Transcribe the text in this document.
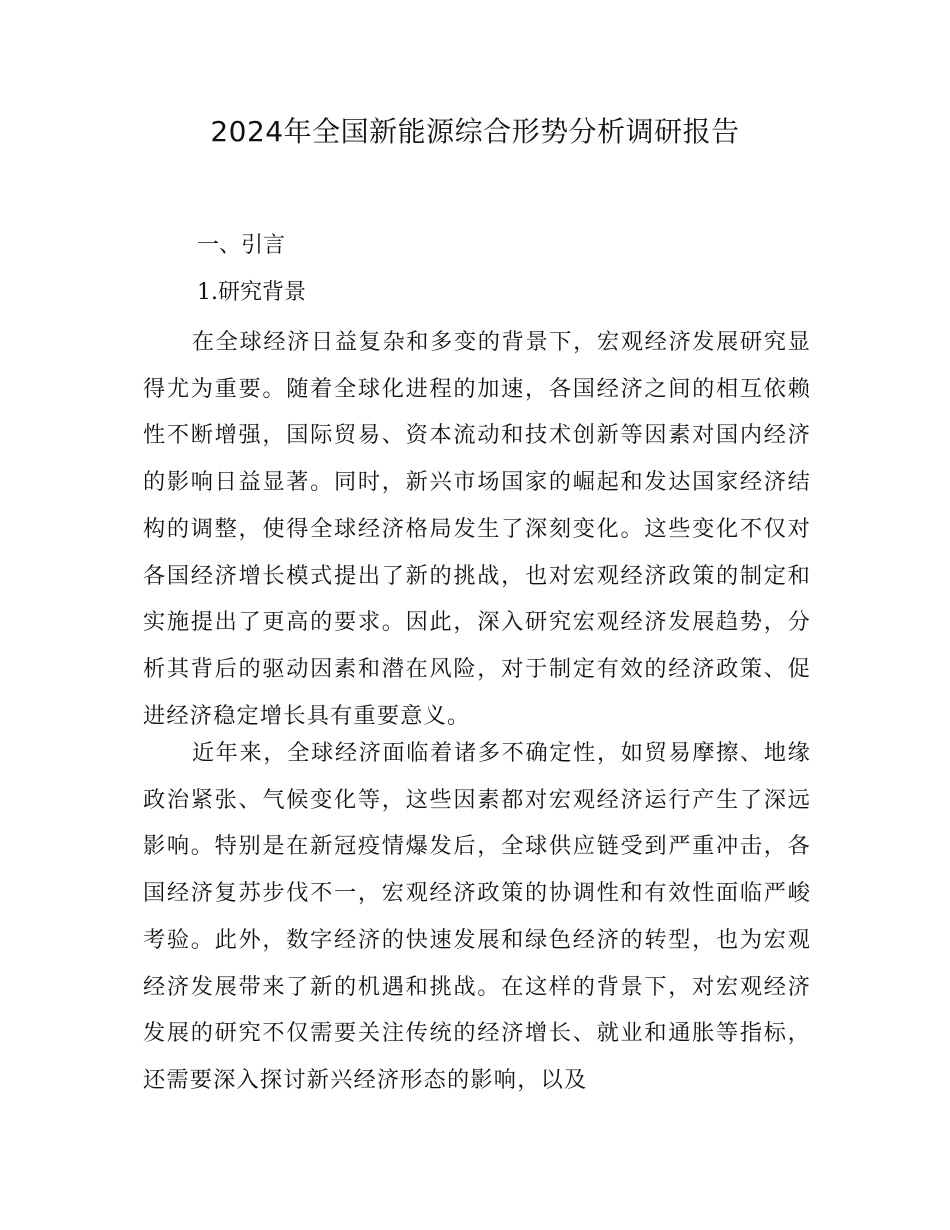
2024年全国新能源综合形势分析调研报告
一、引言
1.研究背景

在全球经济日益复杂和多变的背景下，宏观经济发展研究显得尤为重要。随着全球化进程的加速，各国经济之间的相互依赖性不断增强，国际贸易、资本流动和技术创新等因素对国内经济的影响日益显著。同时，新兴市场国家的崛起和发达国家经济结构的调整，使得全球经济格局发生了深刻变化。这些变化不仅对各国经济增长模式提出了新的挑战，也对宏观经济政策的制定和实施提出了更高的要求。因此，深入研究宏观经济发展趋势，分析其背后的驱动因素和潜在风险，对于制定有效的经济政策、促进经济稳定增长具有重要意义。

近年来，全球经济面临着诸多不确定性，如贸易摩擦、地缘政治紧张、气候变化等，这些因素都对宏观经济运行产生了深远影响。特别是在新冠疫情爆发后，全球供应链受到严重冲击，各国经济复苏步伐不一，宏观经济政策的协调性和有效性面临严峻考验。此外，数字经济的快速发展和绿色经济的转型，也为宏观经济发展带来了新的机遇和挑战。在这样的背景下，对宏观经济发展的研究不仅需要关注传统的经济增长、就业和通胀等指标，还需要深入探讨新兴经济形态的影响，以及
